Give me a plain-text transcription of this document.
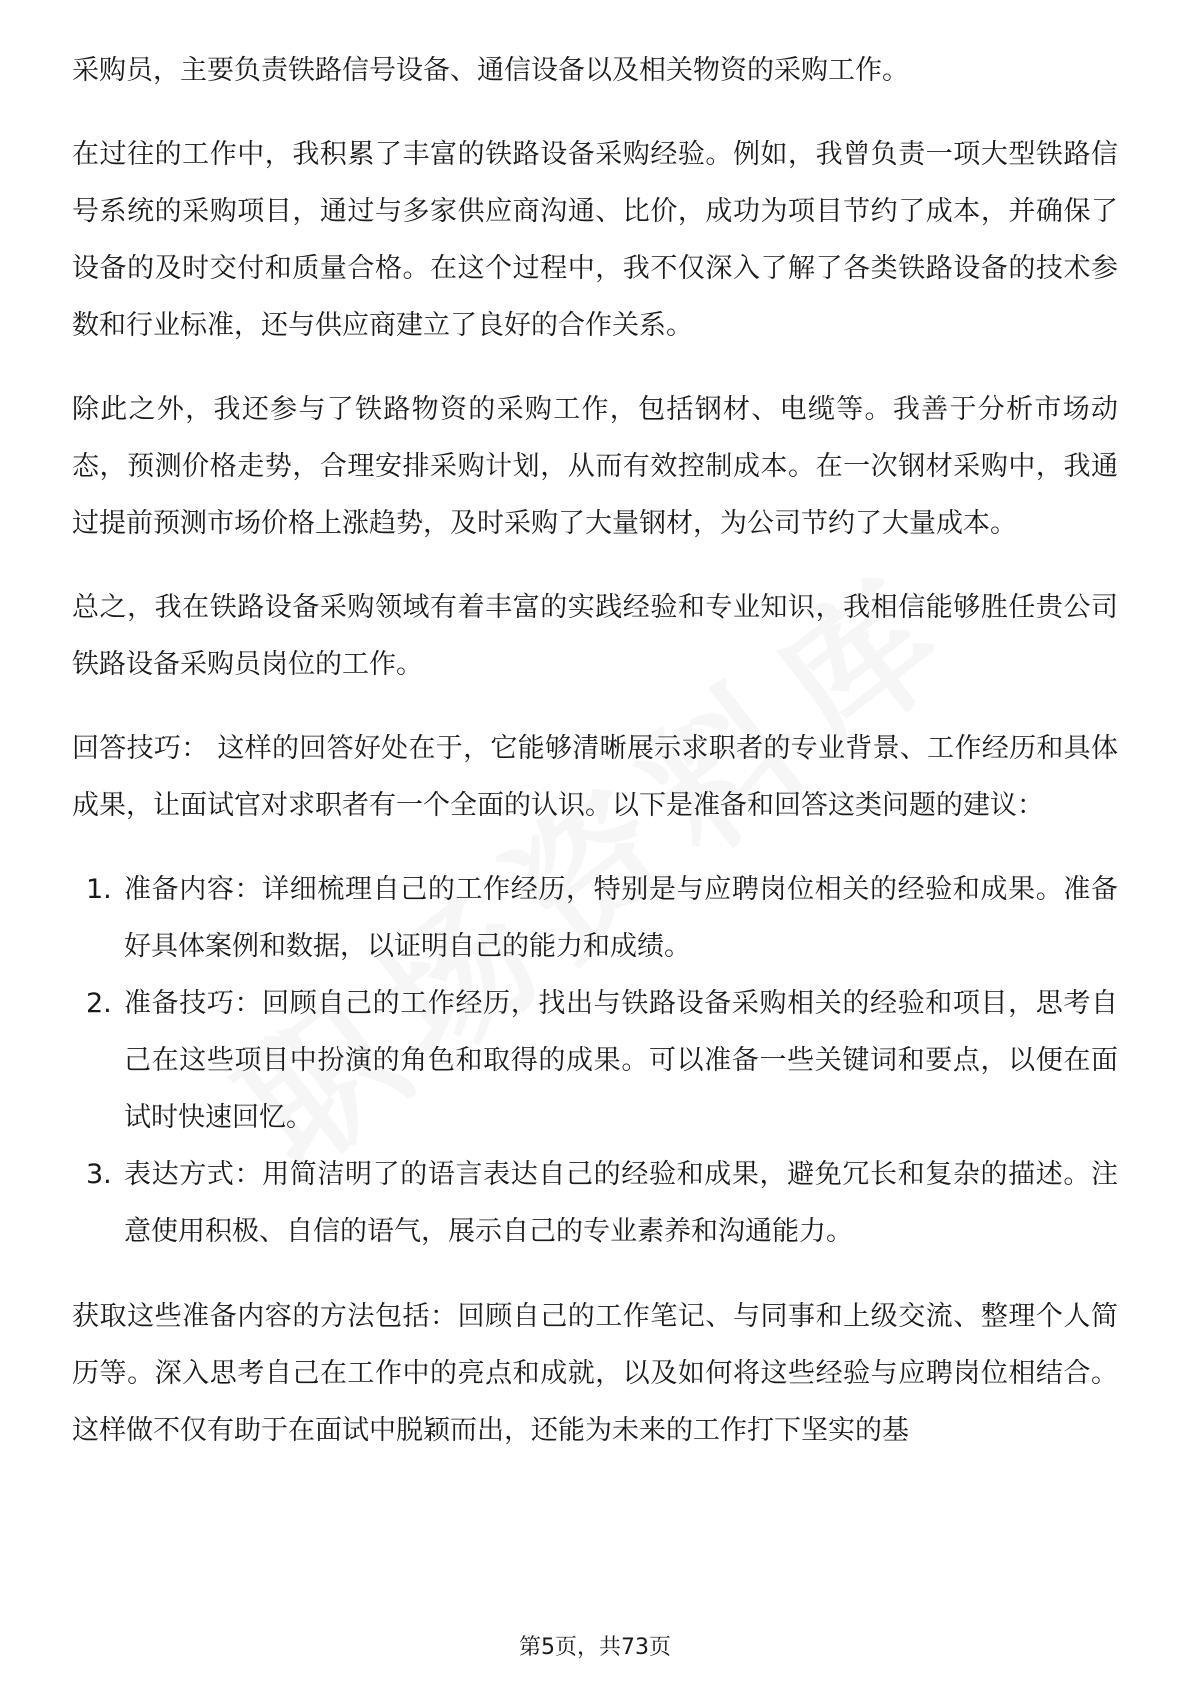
采购员，主要负责铁路信号设备、通信设备以及相关物资的采购工作。

在过往的工作中，我积累了丰富的铁路设备采购经验。例如，我曾负责一项大型铁路信号系统的采购项目，通过与多家供应商沟通、比价，成功为项目节约了成本，并确保了设备的及时交付和质量合格。在这个过程中，我不仅深入了解了各类铁路设备的技术参数和行业标准，还与供应商建立了良好的合作关系。

除此之外，我还参与了铁路物资的采购工作，包括钢材、电缆等。我善于分析市场动态，预测价格走势，合理安排采购计划，从而有效控制成本。在一次钢材采购中，我通过提前预测市场价格上涨趋势，及时采购了大量钢材，为公司节约了大量成本。

总之，我在铁路设备采购领域有着丰富的实践经验和专业知识，我相信能够胜任贵公司铁路设备采购员岗位的工作。

回答技巧： 这样的回答好处在于，它能够清晰展示求职者的专业背景、工作经历和具体成果，让面试官对求职者有一个全面的认识。以下是准备和回答这类问题的建议：

1. 准备内容：详细梳理自己的工作经历，特别是与应聘岗位相关的经验和成果。准备好具体案例和数据，以证明自己的能力和成绩。
2. 准备技巧：回顾自己的工作经历，找出与铁路设备采购相关的经验和项目，思考自己在这些项目中扮演的角色和取得的成果。可以准备一些关键词和要点，以便在面试时快速回忆。
3. 表达方式：用简洁明了的语言表达自己的经验和成果，避免冗长和复杂的描述。注意使用积极、自信的语气，展示自己的专业素养和沟通能力。

获取这些准备内容的方法包括：回顾自己的工作笔记、与同事和上级交流、整理个人简历等。深入思考自己在工作中的亮点和成就，以及如何将这些经验与应聘岗位相结合。这样做不仅有助于在面试中脱颖而出，还能为未来的工作打下坚实的基

第5页，共73页
